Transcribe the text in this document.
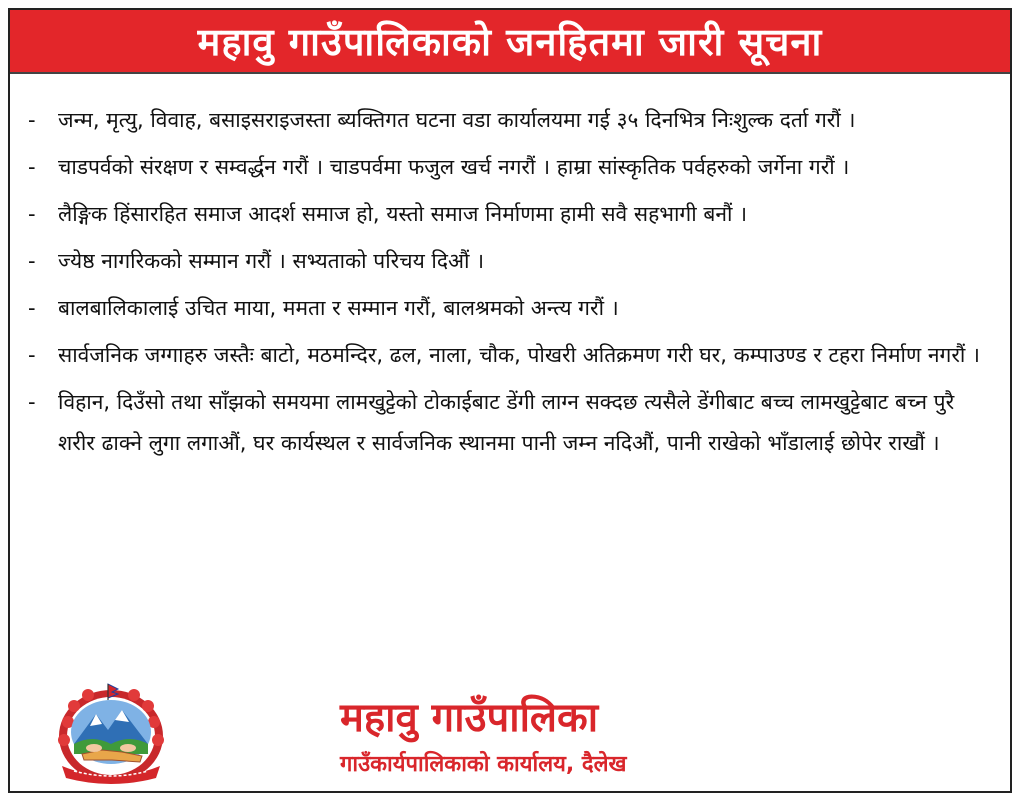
महावु गाउँपालिकाको जनहितमा जारी सूचना
- जन्म, मृत्यु, विवाह, बसाइसराइजस्ता ब्यक्तिगत घटना वडा कार्यालयमा गई ३५ दिनभित्र निःशुल्क दर्ता गरौं ।
- चाडपर्वको संरक्षण र सम्वर्द्धन गरौं । चाडपर्वमा फजुल खर्च नगरौं । हाम्रा सांस्कृतिक पर्वहरुको जर्गेना गरौं ।
- लैङ्गिक हिंसारहित समाज आदर्श समाज हो, यस्तो समाज निर्माणमा हामी सवै सहभागी बनौं ।
- ज्येष्ठ नागरिकको सम्मान गरौं । सभ्यताको परिचय दिऔं ।
- बालबालिकालाई उचित माया, ममता र सम्मान गरौं, बालश्रमको अन्त्य गरौं ।
- सार्वजनिक जग्गाहरु जस्तैः बाटो, मठमन्दिर, ढल, नाला, चौक, पोखरी अतिक्रमण गरी घर, कम्पाउण्ड र टहरा निर्माण नगरौं ।
- विहान, दिउँसो तथा साँझको समयमा लामखुट्टेको टोकाईबाट डेंगी लाग्न सक्दछ त्यसैले डेंगीबाट बच्च लामखुट्टेबाट बच्न पुरै शरीर ढाक्ने लुगा लगाऔं, घर कार्यस्थल र सार्वजनिक स्थानमा पानी जम्न नदिऔं, पानी राखेको भाँडालाई छोपेर राखौं ।
महावु गाउँपालिका
गाउँकार्यपालिकाको कार्यालय, दैलेख
